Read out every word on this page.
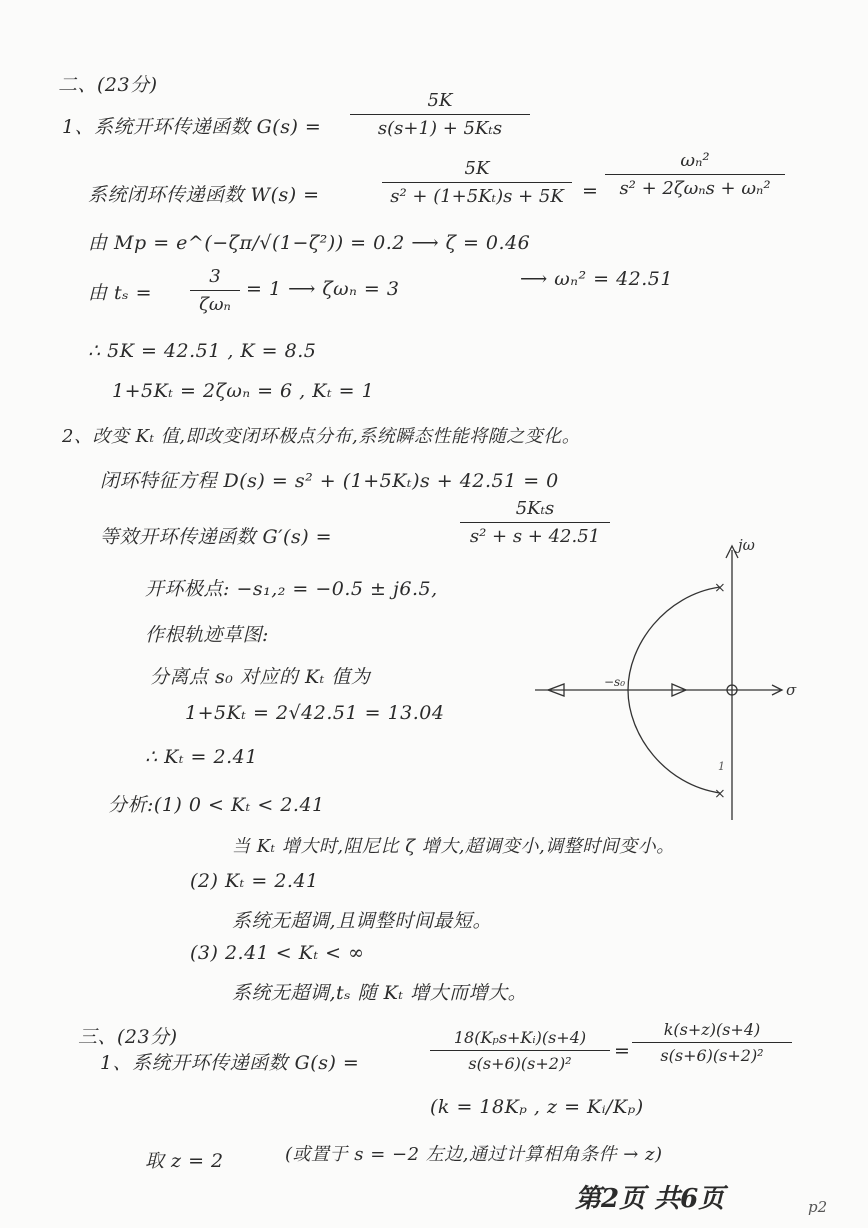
二、(23分)
1、系统开环传递函数 G(s) =
5K
s(s+1) + 5Kₜs
系统闭环传递函数 W(s) =
5K
s² + (1+5Kₜ)s + 5K =
ωₙ²
s² + 2ζωₙs + ωₙ²
由 Mp = e^(−ζπ/√(1−ζ²)) = 0.2 ⟶ ζ = 0.46
由 tₛ =
3
ζωₙ
= 1 ⟶ ζωₙ = 3	⟶ ωₙ² = 42.51
∴ 5K = 42.51 , K = 8.5
1+5Kₜ = 2ζωₙ = 6 , Kₜ = 1
2、改变 Kₜ 值,即改变闭环极点分布,系统瞬态性能将随之变化。
闭环特征方程 D(s) = s² + (1+5Kₜ)s + 42.51 = 0
等效开环传递函数 G′(s) =
5Kₜs
s² + s + 42.51
开环极点: −s₁,₂ = −0.5 ± j6.5,
作根轨迹草图:
分离点 s₀ 对应的 Kₜ 值为
1+5Kₜ = 2√42.51 = 13.04
∴ Kₜ = 2.41
分析:(1) 0 < Kₜ < 2.41
当 Kₜ 增大时,阻尼比 ζ 增大,超调变小,调整时间变小。
(2) Kₜ = 2.41
系统无超调,且调整时间最短。
(3) 2.41 < Kₜ < ∞
系统无超调,tₛ 随 Kₜ 增大而增大。
jω
σ
×
×
−s₀
1
三、(23分)
1、系统开环传递函数 G(s) =
18(Kₚs+Kᵢ)(s+4)
s(s+6)(s+2)²
=
k(s+z)(s+4)
s(s+6)(s+2)²
(k = 18Kₚ , z = Kᵢ/Kₚ)
取 z = 2	(或置于 s = −2 左边,通过计算相角条件 → z)
第2页 共6页	p2
